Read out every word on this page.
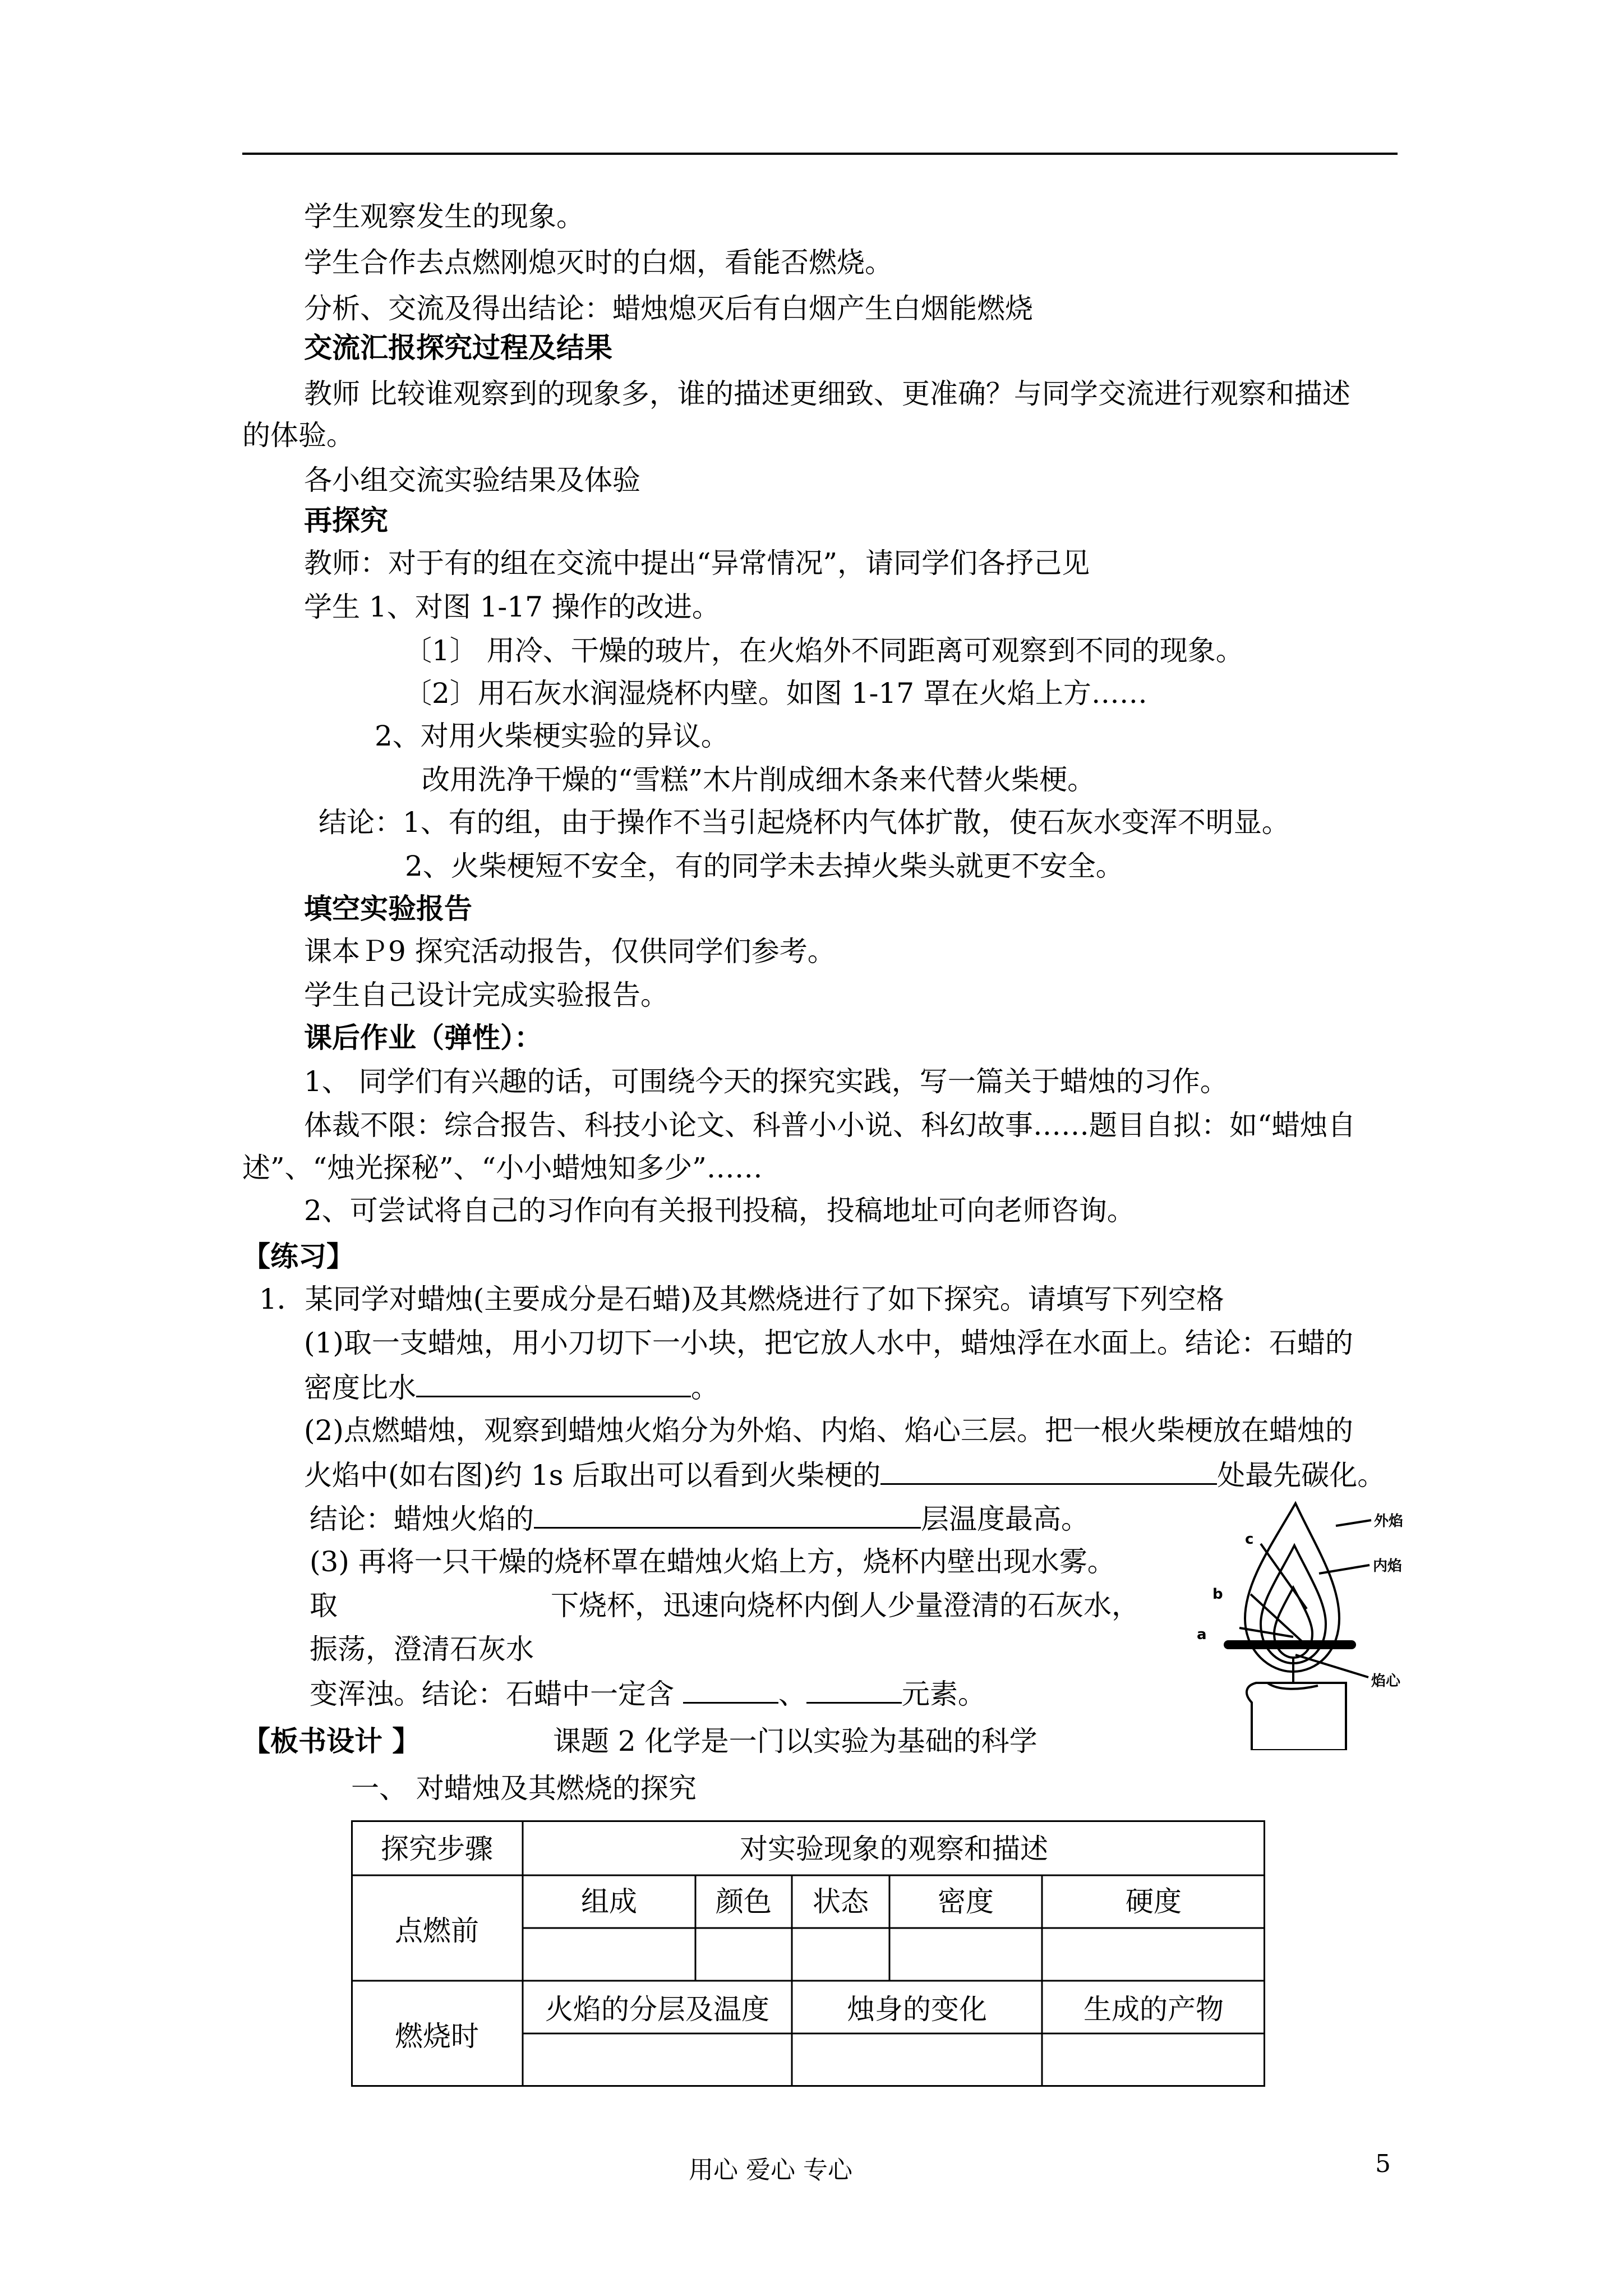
学生观察发生的现象。
学生合作去点燃刚熄灭时的白烟，看能否燃烧。
分析、交流及得出结论：蜡烛熄灭后有白烟产生白烟能燃烧
交流汇报探究过程及结果
教师 比较谁观察到的现象多，谁的描述更细致、更准确？与同学交流进行观察和描述
的体验。
各小组交流实验结果及体验
再探究
教师：对于有的组在交流中提出“异常情况”，请同学们各抒己见
学生 1、对图 1-17 操作的改进。
〔1〕 用冷、干燥的玻片，在火焰外不同距离可观察到不同的现象。
〔2〕用石灰水润湿烧杯内壁。如图 1-17 罩在火焰上方……
2、对用火柴梗实验的异议。
改用洗净干燥的“雪糕”木片削成细木条来代替火柴梗。
结论：1、有的组，由于操作不当引起烧杯内气体扩散，使石灰水变浑不明显。
2、火柴梗短不安全，有的同学未去掉火柴头就更不安全。
填空实验报告
课本Ｐ9 探究活动报告，仅供同学们参考。
学生自己设计完成实验报告。
课后作业（弹性）：
1、 同学们有兴趣的话，可围绕今天的探究实践，写一篇关于蜡烛的习作。
体裁不限：综合报告、科技小论文、科普小小说、科幻故事……题目自拟：如“蜡烛自
述”、“烛光探秘”、“小小蜡烛知多少”……
2、可尝试将自己的习作向有关报刊投稿，投稿地址可向老师咨询。
【练习】
1．某同学对蜡烛(主要成分是石蜡)及其燃烧进行了如下探究。请填写下列空格
(1)取一支蜡烛，用小刀切下一小块，把它放人水中，蜡烛浮在水面上。结论：石蜡的
密度比水	。
(2)点燃蜡烛，观察到蜡烛火焰分为外焰、内焰、焰心三层。把一根火柴梗放在蜡烛的
火焰中(如右图)约 1s 后取出可以看到火柴梗的	处最先碳化。
结论：蜡烛火焰的	层温度最高。
(3) 再将一只干燥的烧杯罩在蜡烛火焰上方，烧杯内壁出现水雾。
取	下烧杯，迅速向烧杯内倒人少量澄清的石灰水，
振荡，澄清石灰水
变浑浊。结论：石蜡中一定含	、	元素。
外焰
内焰
焰心
a
b
c
【板书设计 】	课题 2 化学是一门以实验为基础的科学
一、 对蜡烛及其燃烧的探究
探究步骤	对实验现象的观察和描述
点燃前
组成	颜色	状态	密度	硬度
燃烧时
火焰的分层及温度	烛身的变化	生成的产物
用心 爱心 专心	5
